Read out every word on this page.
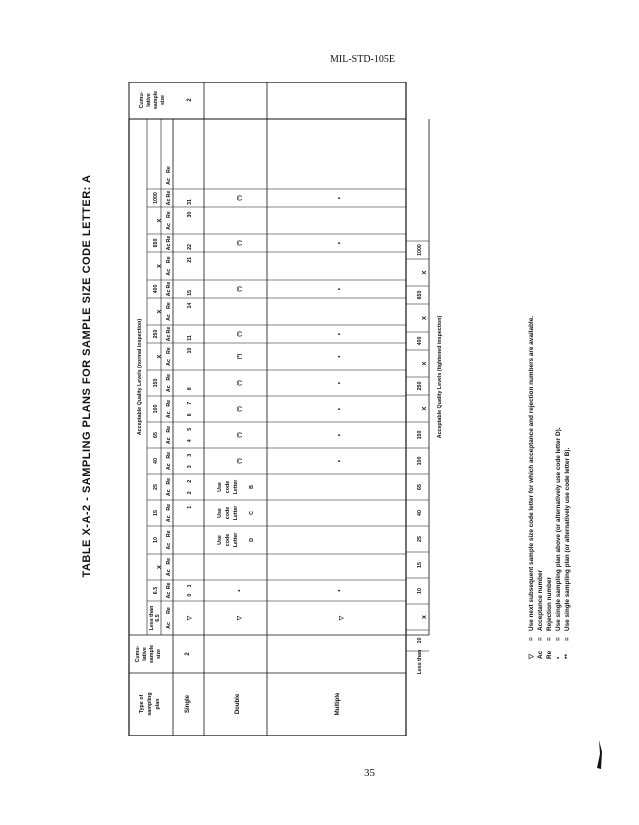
MIL-STD-105E
TABLE X-A-2 - SAMPLING PLANS FOR SAMPLE SIZE CODE LETTER: A
Type of sampling plan
Cumu- lative sample size
Acceptable Quality Levels (normal inspection)
Cumu- lative sample size
Less than 6.5
6.5
X
10
15
25
40
65
100
150
X
250
X
400
X
650
X
1000
Ac
Re
Ac
Re
Ac
Re
Ac
Re
Ac
Re
Ac
Re
Ac
Re
Ac
Re
Ac
Re
Ac
Re
Ac
Re
Ac
Re
Ac
Re
Ac
Re
Ac
Re
Ac
Re
Ac
Re
Ac
Re
Ac
Re
Single
2
Double	Multiple
▽
0
1
1
2
2
3
3
4
5
6
7
8
10
11
14
15
21
22
30
31
2
▽
•
Use code Letter D
Use code Letter C
Use code Letter B
(*)
(*)
(*)
(*)
(*)
(*)
(*)
(*)
(*)
▽
•
•
•
•
•
•
•
•
•
•
Less than
10
X
10
15
25
40
65
100
150
X
250
X
400
X
650
X
1000
Acceptable Quality Levels (tightened inspection)
▽
=
Use next subsequent sample size code letter for which acceptance and rejection numbers are available.
Ac
=
Acceptance number
Re
=
Rejection number
•
=
Use single sampling plan above (or alternatively use code letter D).
**
=
Use single sampling plan (or alternatively use code letter B).
35
